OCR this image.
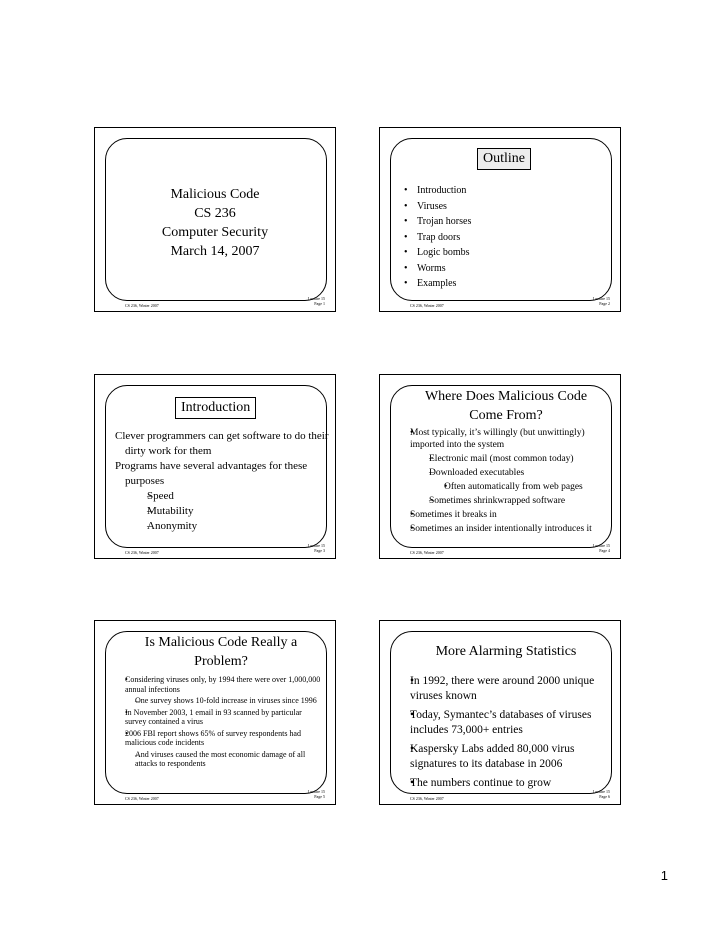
Malicious Code
CS 236
Computer Security
March 14, 2007
Lecture 15
Page 1
CS 236, Winter 2007
Outline
• Introduction
• Viruses
• Trojan horses
• Trap doors
• Logic bombs
• Worms
• Examples
Lecture 15
Page 2
CS 236, Winter 2007
Introduction
Clever programmers can get software to do their dirty work for them
Programs have several advantages for these purposes
– Speed
– Mutability
– Anonymity
Lecture 15
Page 3
CS 236, Winter 2007
Where Does Malicious Code Come From?
• Most typically, it’s willingly (but unwittingly) imported into the system
– Electronic mail (most common today)
– Downloaded executables
• Often automatically from web pages
– Sometimes shrinkwrapped software
• Sometimes it breaks in
• Sometimes an insider intentionally introduces it
Lecture 15
Page 4
CS 236, Winter 2007
Is Malicious Code Really a Problem?
• Considering viruses only, by 1994 there were over 1,000,000 annual infections
– One survey shows 10-fold increase in viruses since 1996
• In November 2003, 1 email in 93 scanned by particular survey contained a virus
• 2006 FBI report shows 65% of survey respondents had malicious code incidents
– And viruses caused the most economic damage of all attacks to respondents
Lecture 15
Page 5
CS 236, Winter 2007
More Alarming Statistics
• In 1992, there were around 2000 unique viruses known
• Today, Symantec’s databases of viruses includes 73,000+ entries
• Kaspersky Labs added 80,000 virus signatures to its database in 2006
• The numbers continue to grow
Lecture 15
Page 6
CS 236, Winter 2007
1
